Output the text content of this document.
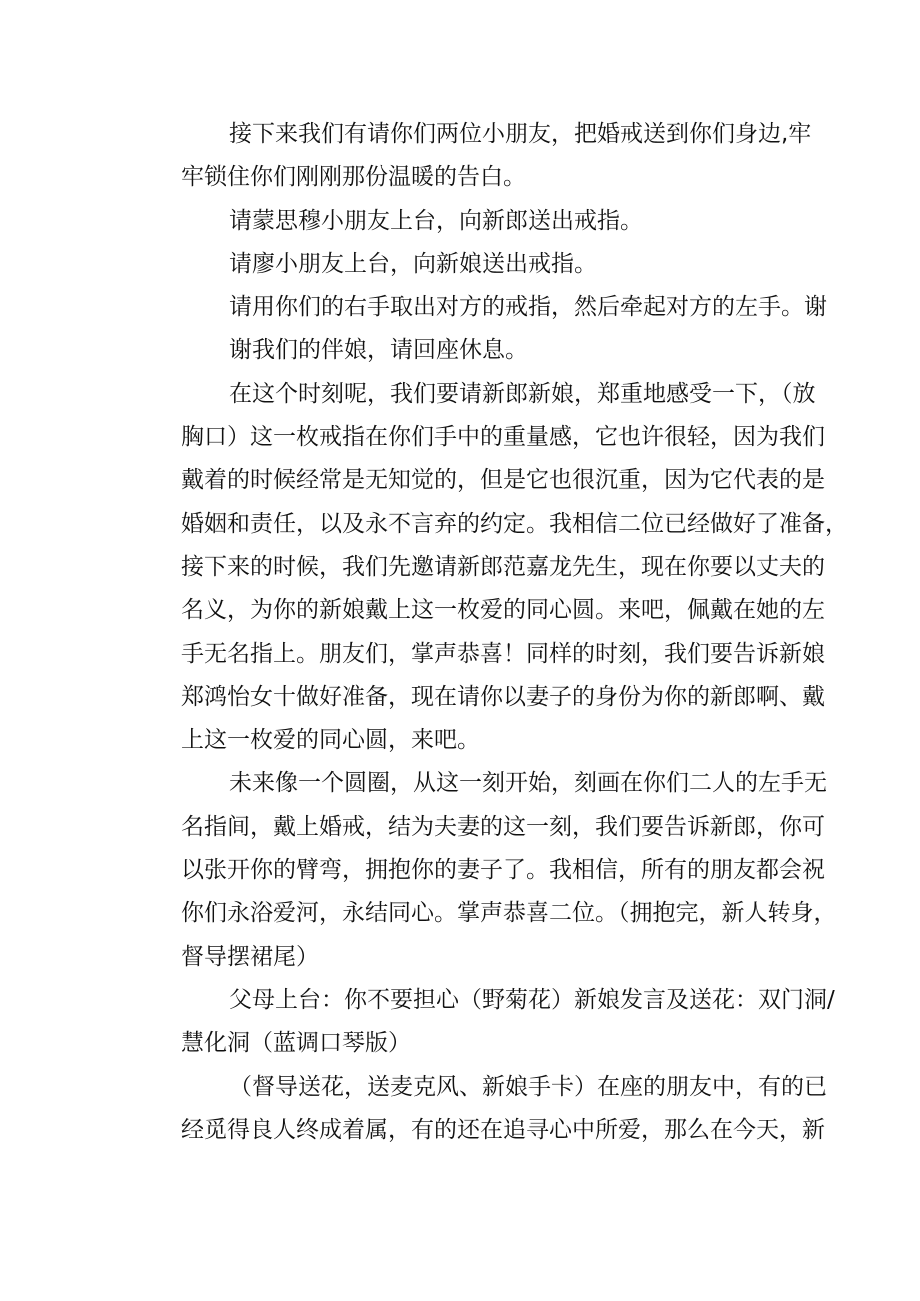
接下来我们有请你们两位小朋友，把婚戒送到你们身边,牢
牢锁住你们刚刚那份温暖的告白。
请蒙思穆小朋友上台，向新郎送出戒指。
请廖小朋友上台，向新娘送出戒指。
请用你们的右手取出对方的戒指，然后牵起对方的左手。谢
谢我们的伴娘，请回座休息。
在这个时刻呢，我们要请新郎新娘，郑重地感受一下，（放
胸口）这一枚戒指在你们手中的重量感，它也许很轻，因为我们
戴着的时候经常是无知觉的，但是它也很沉重，因为它代表的是
婚姻和责任，以及永不言弃的约定。我相信二位已经做好了准备，
接下来的时候，我们先邀请新郎范嘉龙先生，现在你要以丈夫的
名义，为你的新娘戴上这一枚爱的同心圆。来吧，佩戴在她的左
手无名指上。朋友们，掌声恭喜！同样的时刻，我们要告诉新娘
郑鸿怡女十做好准备，现在请你以妻子的身份为你的新郎啊、戴
上这一枚爱的同心圆，来吧。
未来像一个圆圈，从这一刻开始，刻画在你们二人的左手无
名指间，戴上婚戒，结为夫妻的这一刻，我们要告诉新郎，你可
以张开你的臂弯，拥抱你的妻子了。我相信，所有的朋友都会祝
你们永浴爱河，永结同心。掌声恭喜二位。（拥抱完，新人转身，
督导摆裙尾）
父母上台：你不要担心（野菊花）新娘发言及送花：双门洞/
慧化洞（蓝调口琴版）
（督导送花，送麦克风、新娘手卡）在座的朋友中，有的已
经觅得良人终成着属，有的还在追寻心中所爱，那么在今天，新
